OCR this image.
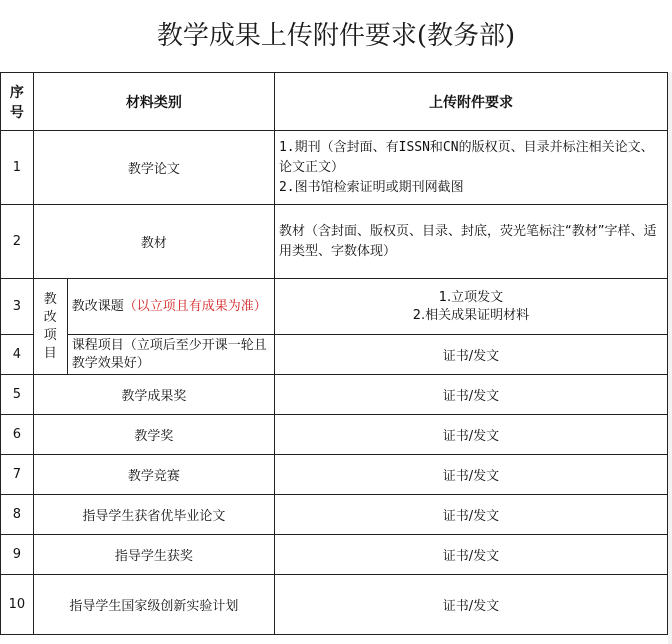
教学成果上传附件要求(教务部)
序号	材料类别		上传附件要求
1	教学论文		1.期刊（含封面、有ISSN和CN的版权页、目录并标注相关论文、论文正文）
2.图书馆检索证明或期刊网截图

2	教材		教材（含封面、版权页、目录、封底，荧光笔标注“教材”字样、适用类型、字数体现）

3	教改项目	教改课题（以立项且有成果为准）	1.立项发文
2.相关成果证明材料

4		课程项目（立项后至少开课一轮且教学效果好）	证书/发文
5	教学成果奖		证书/发文
6	教学奖		证书/发文
7	教学竞赛		证书/发文
8	指导学生获省优毕业论文		证书/发文
9	指导学生获奖		证书/发文
10	指导学生国家级创新实验计划		证书/发文
